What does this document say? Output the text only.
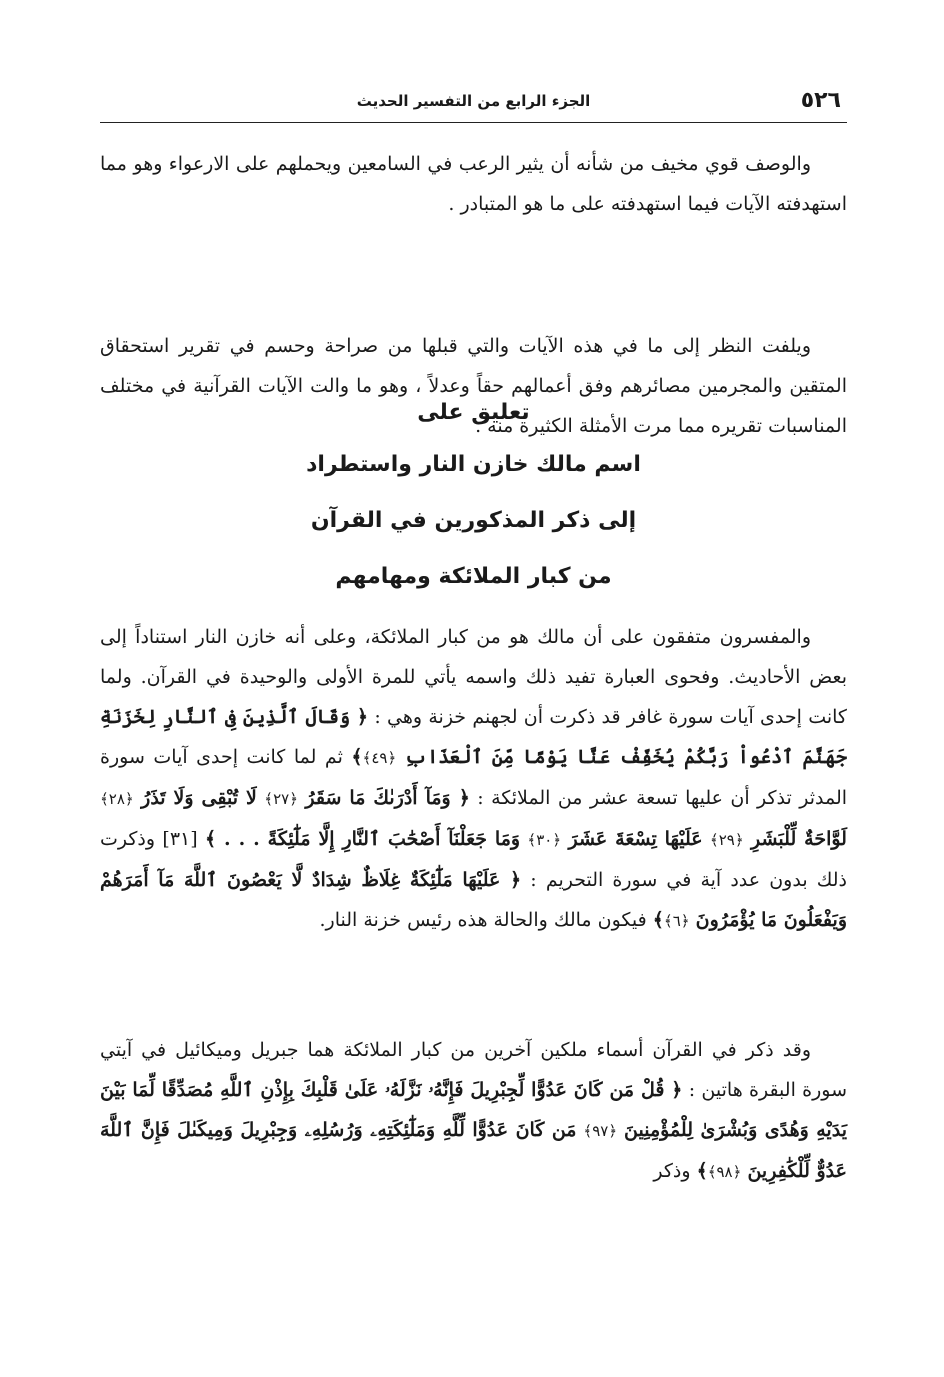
٥٢٦
الجزء الرابع من التفسير الحديث

والوصف قوي مخيف من شأنه أن يثير الرعب في السامعين ويحملهم على الارعواء وهو مما استهدفته الآيات فيما استهدفته على ما هو المتبادر .

ويلفت النظر إلى ما في هذه الآيات والتي قبلها من صراحة وحسم في تقرير استحقاق المتقين والمجرمين مصائرهم وفق أعمالهم حقاً وعدلاً ، وهو ما والت الآيات القرآنية في مختلف المناسبات تقريره مما مرت الأمثلة الكثيرة منه .

تعليق على
اسم مالك خازن النار واستطراد
إلى ذكر المذكورين في القرآن
من كبار الملائكة ومهامهم

والمفسرون متفقون على أن مالك هو من كبار الملائكة، وعلى أنه خازن النار استناداً إلى بعض الأحاديث. وفحوى العبارة تفيد ذلك واسمه يأتي للمرة الأولى والوحيدة في القرآن. ولما كانت إحدى آيات سورة غافر قد ذكرت أن لجهنم خزنة وهي : ﴿ وَقَالَ ٱلَّذِينَ فِى ٱلنَّارِ لِخَزَنَةِ جَهَنَّمَ ٱدْعُواْ رَبَّكُمْ يُخَفِّفْ عَنَّا يَوْمًا مِّنَ ٱلْعَذَابِ ﴿٤٩﴾﴾ ثم لما كانت إحدى آيات سورة المدثر تذكر أن عليها تسعة عشر من الملائكة : ﴿ وَمَآ أَدْرَىٰكَ مَا سَقَرُ ﴿٢٧﴾ لَا تُبْقِى وَلَا تَذَرُ ﴿٢٨﴾ لَوَّاحَةٌ لِّلْبَشَرِ ﴿٢٩﴾ عَلَيْهَا تِسْعَةَ عَشَرَ ﴿٣٠﴾ وَمَا جَعَلْنَآ أَصْحَٰبَ ٱلنَّارِ إِلَّا مَلَٰٓئِكَةً . . . ﴾ [٣١] وذكرت ذلك بدون عدد آية في سورة التحريم : ﴿ عَلَيْهَا مَلَٰٓئِكَةٌ غِلَاظٌ شِدَادٌ لَّا يَعْصُونَ ٱللَّهَ مَآ أَمَرَهُمْ وَيَفْعَلُونَ مَا يُؤْمَرُونَ ﴿٦﴾﴾ فيكون مالك والحالة هذه رئيس خزنة النار.

وقد ذكر في القرآن أسماء ملكين آخرين من كبار الملائكة هما جبريل وميكائيل في آيتي سورة البقرة هاتين : ﴿ قُلْ مَن كَانَ عَدُوًّا لِّجِبْرِيلَ فَإِنَّهُۥ نَزَّلَهُۥ عَلَىٰ قَلْبِكَ بِإِذْنِ ٱللَّهِ مُصَدِّقًا لِّمَا بَيْنَ يَدَيْهِ وَهُدًى وَبُشْرَىٰ لِلْمُؤْمِنِينَ ﴿٩٧﴾ مَن كَانَ عَدُوًّا لِّلَّهِ وَمَلَٰٓئِكَتِهِۦ وَرُسُلِهِۦ وَجِبْرِيلَ وَمِيكَىٰلَ فَإِنَّ ٱللَّهَ عَدُوٌّ لِّلْكَٰفِرِينَ ﴿٩٨﴾﴾ وذكر
